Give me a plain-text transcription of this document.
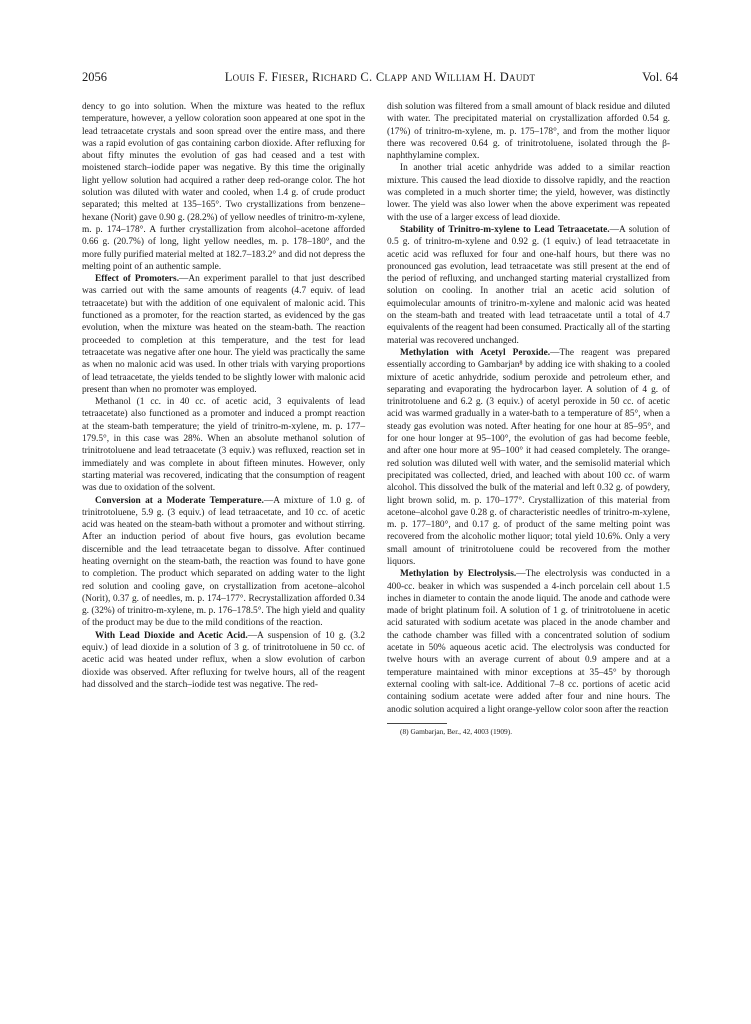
2056	Louis F. Fieser, Richard C. Clapp and William H. Daudt	Vol. 64

dency to go into solution. When the mixture was heated to the reflux temperature, however, a yellow coloration soon appeared at one spot in the lead tetraacetate crystals and soon spread over the entire mass, and there was a rapid evolution of gas containing carbon dioxide. After refluxing for about fifty minutes the evolution of gas had ceased and a test with moistened starch–iodide paper was negative. By this time the originally light yellow solution had acquired a rather deep red-orange color. The hot solution was diluted with water and cooled, when 1.4 g. of crude product separated; this melted at 135–165°. Two crystallizations from benzene–hexane (Norit) gave 0.90 g. (28.2%) of yellow needles of trinitro-m-xylene, m. p. 174–178°. A further crystallization from alcohol–acetone afforded 0.66 g. (20.7%) of long, light yellow needles, m. p. 178–180°, and the more fully purified material melted at 182.7–183.2° and did not depress the melting point of an authentic sample.

Effect of Promoters.—An experiment parallel to that just described was carried out with the same amounts of reagents (4.7 equiv. of lead tetraacetate) but with the addition of one equivalent of malonic acid. This functioned as a promoter, for the reaction started, as evidenced by the gas evolution, when the mixture was heated on the steam-bath. The reaction proceeded to completion at this temperature, and the test for lead tetraacetate was negative after one hour. The yield was practically the same as when no malonic acid was used. In other trials with varying proportions of lead tetraacetate, the yields tended to be slightly lower with malonic acid present than when no promoter was employed.

Methanol (1 cc. in 40 cc. of acetic acid, 3 equivalents of lead tetraacetate) also functioned as a promoter and induced a prompt reaction at the steam-bath temperature; the yield of trinitro-m-xylene, m. p. 177–179.5°, in this case was 28%. When an absolute methanol solution of trinitrotoluene and lead tetraacetate (3 equiv.) was refluxed, reaction set in immediately and was complete in about fifteen minutes. However, only starting material was recovered, indicating that the consumption of reagent was due to oxidation of the solvent.

Conversion at a Moderate Temperature.—A mixture of 1.0 g. of trinitrotoluene, 5.9 g. (3 equiv.) of lead tetraacetate, and 10 cc. of acetic acid was heated on the steam-bath without a promoter and without stirring. After an induction period of about five hours, gas evolution became discernible and the lead tetraacetate began to dissolve. After continued heating overnight on the steam-bath, the reaction was found to have gone to completion. The product which separated on adding water to the light red solution and cooling gave, on crystallization from acetone–alcohol (Norit), 0.37 g. of needles, m. p. 174–177°. Recrystallization afforded 0.34 g. (32%) of trinitro-m-xylene, m. p. 176–178.5°. The high yield and quality of the product may be due to the mild conditions of the reaction.

With Lead Dioxide and Acetic Acid.—A suspension of 10 g. (3.2 equiv.) of lead dioxide in a solution of 3 g. of trinitrotoluene in 50 cc. of acetic acid was heated under reflux, when a slow evolution of carbon dioxide was observed. After refluxing for twelve hours, all of the reagent had dissolved and the starch–iodide test was negative. The red-

dish solution was filtered from a small amount of black residue and diluted with water. The precipitated material on crystallization afforded 0.54 g. (17%) of trinitro-m-xylene, m. p. 175–178°, and from the mother liquor there was recovered 0.64 g. of trinitrotoluene, isolated through the β-naphthylamine complex.

In another trial acetic anhydride was added to a similar reaction mixture. This caused the lead dioxide to dissolve rapidly, and the reaction was completed in a much shorter time; the yield, however, was distinctly lower. The yield was also lower when the above experiment was repeated with the use of a larger excess of lead dioxide.

Stability of Trinitro-m-xylene to Lead Tetraacetate.—A solution of 0.5 g. of trinitro-m-xylene and 0.92 g. (1 equiv.) of lead tetraacetate in acetic acid was refluxed for four and one-half hours, but there was no pronounced gas evolution, lead tetraacetate was still present at the end of the period of refluxing, and unchanged starting material crystallized from solution on cooling. In another trial an acetic acid solution of equimolecular amounts of trinitro-m-xylene and malonic acid was heated on the steam-bath and treated with lead tetraacetate until a total of 4.7 equivalents of the reagent had been consumed. Practically all of the starting material was recovered unchanged.

Methylation with Acetyl Peroxide.—The reagent was prepared essentially according to Gambarjan⁸ by adding ice with shaking to a cooled mixture of acetic anhydride, sodium peroxide and petroleum ether, and separating and evaporating the hydrocarbon layer. A solution of 4 g. of trinitrotoluene and 6.2 g. (3 equiv.) of acetyl peroxide in 50 cc. of acetic acid was warmed gradually in a water-bath to a temperature of 85°, when a steady gas evolution was noted. After heating for one hour at 85–95°, and for one hour longer at 95–100°, the evolution of gas had become feeble, and after one hour more at 95–100° it had ceased completely. The orange-red solution was diluted well with water, and the semisolid material which precipitated was collected, dried, and leached with about 100 cc. of warm alcohol. This dissolved the bulk of the material and left 0.32 g. of powdery, light brown solid, m. p. 170–177°. Crystallization of this material from acetone–alcohol gave 0.28 g. of characteristic needles of trinitro-m-xylene, m. p. 177–180°, and 0.17 g. of product of the same melting point was recovered from the alcoholic mother liquor; total yield 10.6%. Only a very small amount of trinitrotoluene could be recovered from the mother liquors.

Methylation by Electrolysis.—The electrolysis was conducted in a 400-cc. beaker in which was suspended a 4-inch porcelain cell about 1.5 inches in diameter to contain the anode liquid. The anode and cathode were made of bright platinum foil. A solution of 1 g. of trinitrotoluene in acetic acid saturated with sodium acetate was placed in the anode chamber and the cathode chamber was filled with a concentrated solution of sodium acetate in 50% aqueous acetic acid. The electrolysis was conducted for twelve hours with an average current of about 0.9 ampere and at a temperature maintained with minor exceptions at 35–45° by thorough external cooling with salt-ice. Additional 7–8 cc. portions of acetic acid containing sodium acetate were added after four and nine hours. The anodic solution acquired a light orange-yellow color soon after the reaction

(8) Gambarjan, Ber., 42, 4003 (1909).
